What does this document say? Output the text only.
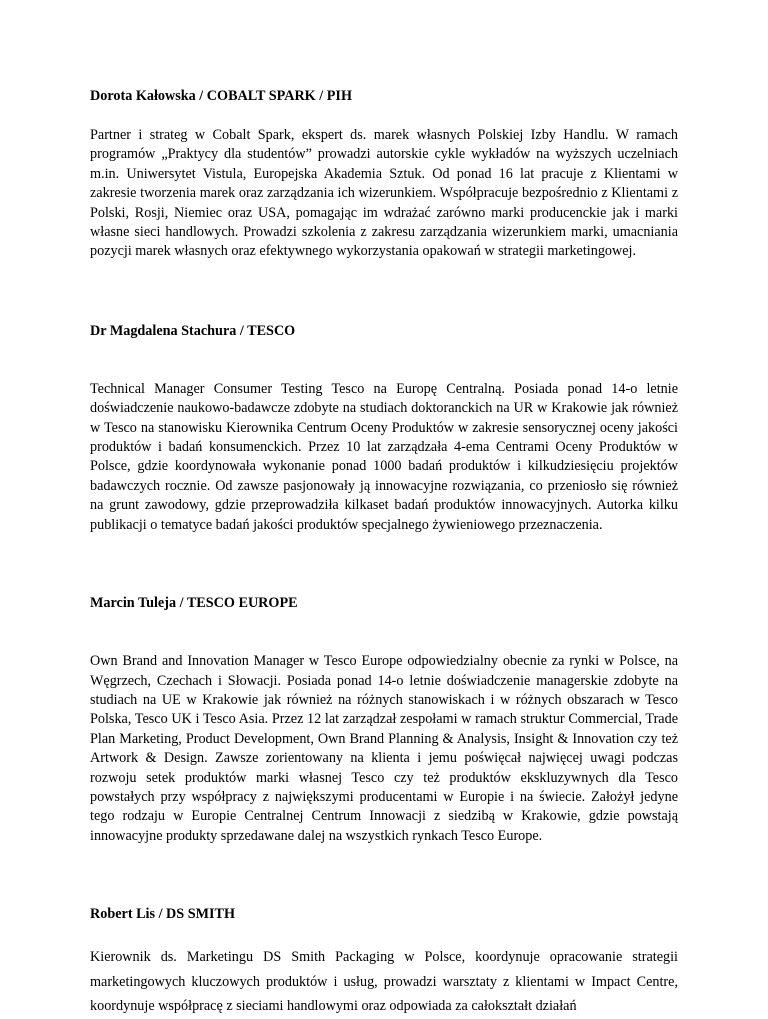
Dorota Kałowska / COBALT SPARK / PIH

Partner i strateg w Cobalt Spark, ekspert ds. marek własnych Polskiej Izby Handlu. W ramach programów „Praktycy dla studentów” prowadzi autorskie cykle wykładów na wyższych uczelniach m.in. Uniwersytet Vistula, Europejska Akademia Sztuk. Od ponad 16 lat pracuje z Klientami w zakresie tworzenia marek oraz zarządzania ich wizerunkiem. Współpracuje bezpośrednio z Klientami z Polski, Rosji, Niemiec oraz USA, pomagając im wdrażać zarówno marki producenckie jak i marki własne sieci handlowych. Prowadzi szkolenia z zakresu zarządzania wizerunkiem marki, umacniania pozycji marek własnych oraz efektywnego wykorzystania opakowań w strategii marketingowej.

Dr Magdalena Stachura / TESCO

Technical Manager Consumer Testing Tesco na Europę Centralną. Posiada ponad 14-o letnie doświadczenie naukowo-badawcze zdobyte na studiach doktoranckich na UR w Krakowie jak również w Tesco na stanowisku Kierownika Centrum Oceny Produktów w zakresie sensorycznej oceny jakości produktów i badań konsumenckich. Przez 10 lat zarządzała 4-ema Centrami Oceny Produktów w Polsce, gdzie koordynowała wykonanie ponad 1000 badań produktów i kilkudziesięciu projektów badawczych rocznie. Od zawsze pasjonowały ją innowacyjne rozwiązania, co przeniosło się również na grunt zawodowy, gdzie przeprowadziła kilkaset badań produktów innowacyjnych. Autorka kilku publikacji o tematyce badań jakości produktów specjalnego żywieniowego przeznaczenia.

Marcin Tuleja / TESCO EUROPE

Own Brand and Innovation Manager w Tesco Europe odpowiedzialny obecnie za rynki w Polsce, na Węgrzech, Czechach i Słowacji. Posiada ponad 14-o letnie doświadczenie managerskie zdobyte na studiach na UE w Krakowie jak również na różnych stanowiskach i w różnych obszarach w Tesco Polska, Tesco UK i Tesco Asia. Przez 12 lat zarządzał zespołami w ramach struktur Commercial, Trade Plan Marketing, Product Development, Own Brand Planning & Analysis, Insight & Innovation czy też Artwork & Design. Zawsze zorientowany na klienta i jemu poświęcał najwięcej uwagi podczas rozwoju setek produktów marki własnej Tesco czy też produktów ekskluzywnych dla Tesco powstałych przy współpracy z największymi producentami w Europie i na świecie. Założył jedyne tego rodzaju w Europie Centralnej Centrum Innowacji z siedzibą w Krakowie, gdzie powstają innowacyjne produkty sprzedawane dalej na wszystkich rynkach Tesco Europe.

Robert Lis / DS SMITH

Kierownik ds. Marketingu DS Smith Packaging w Polsce, koordynuje opracowanie strategii marketingowych kluczowych produktów i usług, prowadzi warsztaty z klientami w Impact Centre, koordynuje współpracę z sieciami handlowymi oraz odpowiada za całokształt działań
